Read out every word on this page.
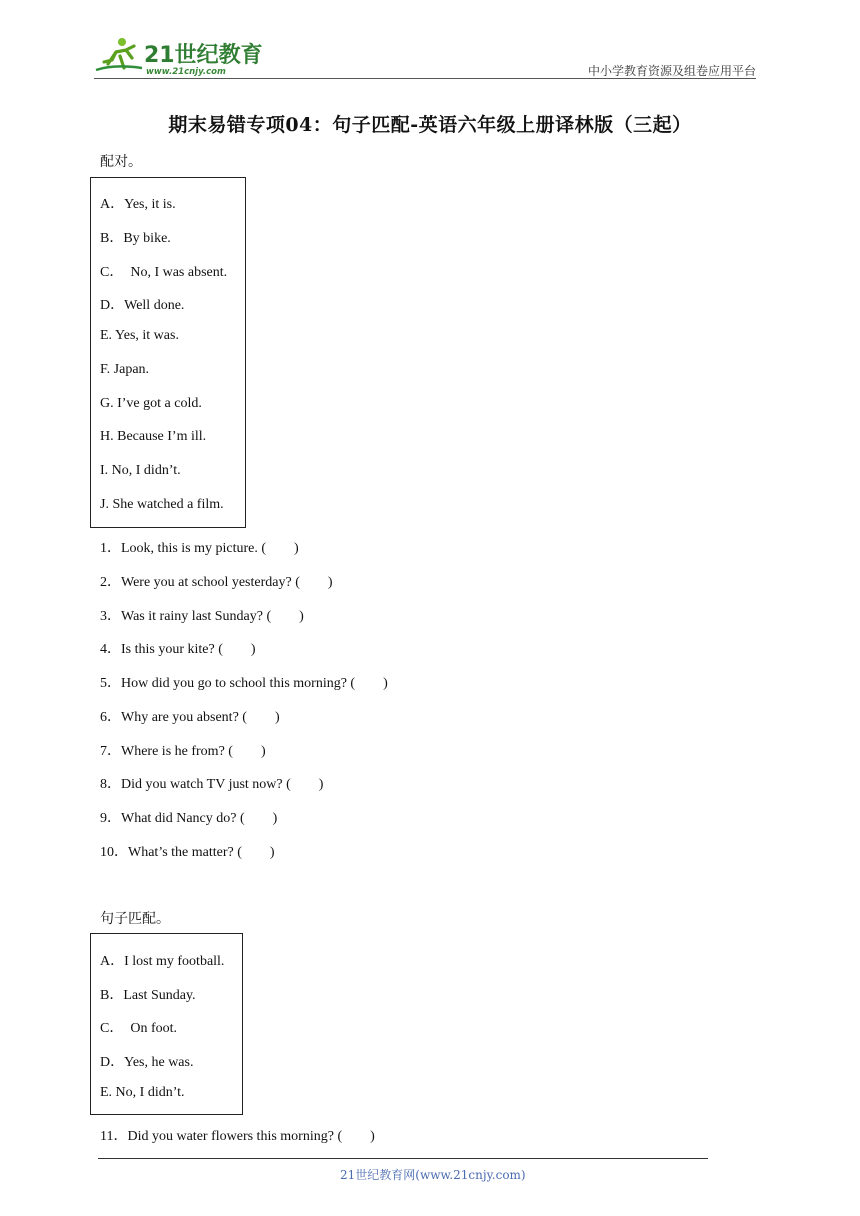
21世纪教育
www.21cnjy.com	中小学教育资源及组卷应用平台
期末易错专项04：句子匹配-英语六年级上册译林版（三起）
配对。
A．Yes, it is.
B．By bike.
C．  No, I was absent.
D．Well done.
E. Yes, it was.
F. Japan.
G. I’ve got a cold.
H. Because I’m ill.
I. No, I didn’t.
J. She watched a film.
1．Look, this is my picture. (        )
2．Were you at school yesterday? (        )
3．Was it rainy last Sunday? (        )
4．Is this your kite? (        )
5．How did you go to school this morning? (        )
6．Why are you absent? (        )
7．Where is he from? (        )
8．Did you watch TV just now? (        )
9．What did Nancy do? (        )
10．What’s the matter? (        )
句子匹配。
A．I lost my football.
B．Last Sunday.
C．  On foot.
D．Yes, he was.
E. No, I didn’t.
11．Did you water flowers this morning? (        )
21世纪教育网(www.21cnjy.com)
